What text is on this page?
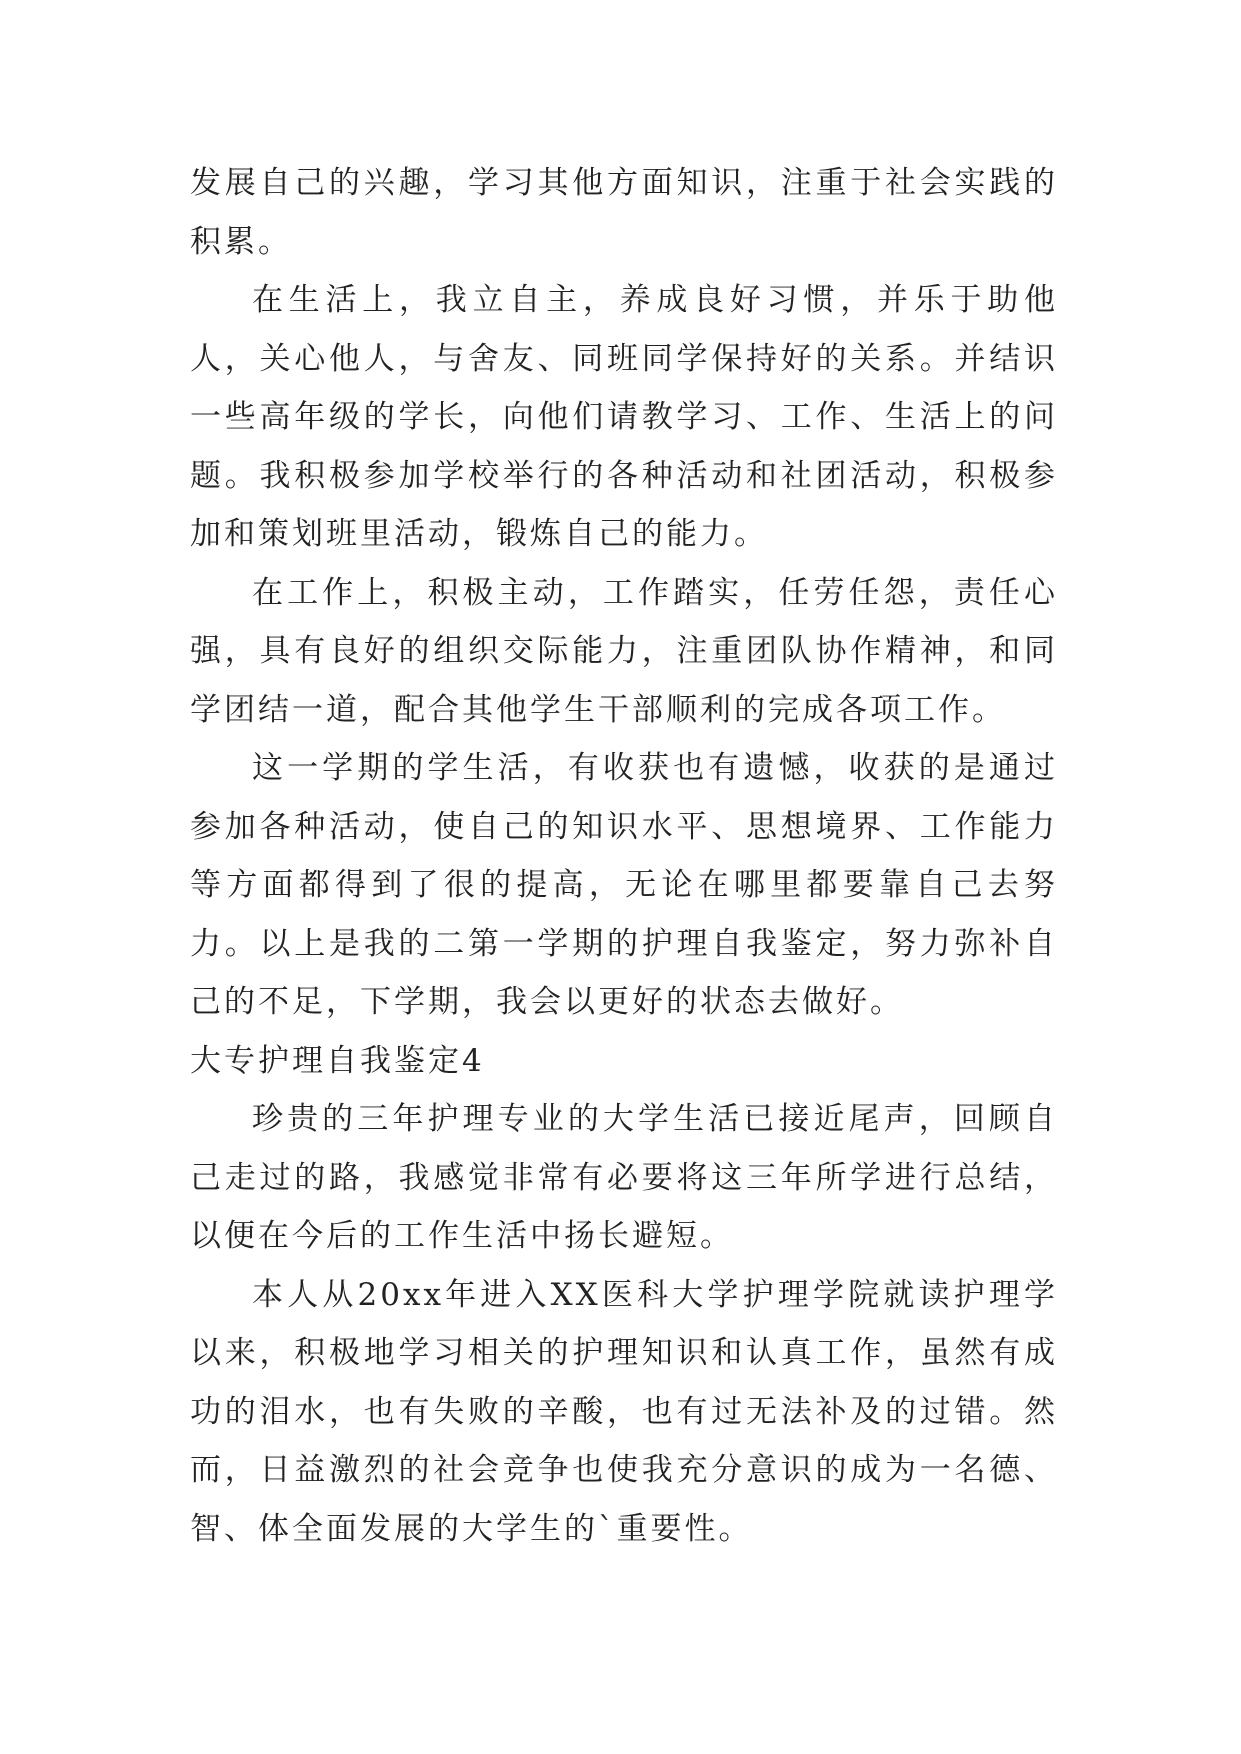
发展自己的兴趣，学习其他方面知识，注重于社会实践的积累。

在生活上，我立自主，养成良好习惯，并乐于助他人，关心他人，与舍友、同班同学保持好的关系。并结识一些高年级的学长，向他们请教学习、工作、生活上的问题。我积极参加学校举行的各种活动和社团活动，积极参加和策划班里活动，锻炼自己的能力。

在工作上，积极主动，工作踏实，任劳任怨，责任心强，具有良好的组织交际能力，注重团队协作精神，和同学团结一道，配合其他学生干部顺利的完成各项工作。

这一学期的学生活，有收获也有遗憾，收获的是通过参加各种活动，使自己的知识水平、思想境界、工作能力等方面都得到了很的提高，无论在哪里都要靠自己去努力。以上是我的二第一学期的护理自我鉴定，努力弥补自己的不足，下学期，我会以更好的状态去做好。

大专护理自我鉴定4

珍贵的三年护理专业的大学生活已接近尾声，回顾自己走过的路，我感觉非常有必要将这三年所学进行总结，以便在今后的工作生活中扬长避短。

本人从20xx年进入XX医科大学护理学院就读护理学以来，积极地学习相关的护理知识和认真工作，虽然有成功的泪水，也有失败的辛酸，也有过无法补及的过错。然而，日益激烈的社会竞争也使我充分意识的成为一名德、智、体全面发展的大学生的`重要性。
